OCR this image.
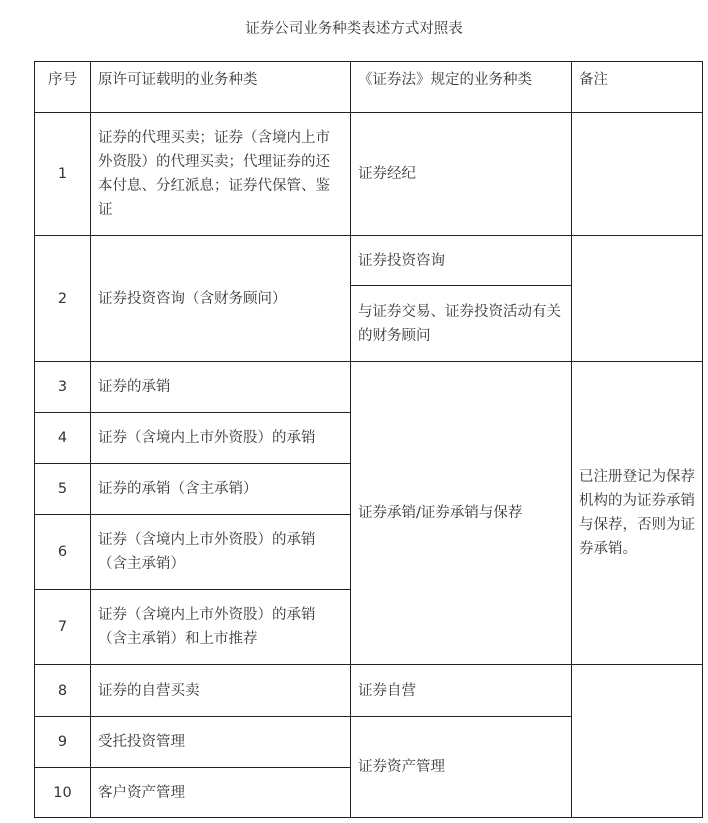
证券公司业务种类表述方式对照表
序号	原许可证载明的业务种类	《证券法》规定的业务种类	备注
1	证券的代理买卖；证券（含境内上市外资股）的代理买卖；代理证券的还本付息、分红派息；证券代保管、鉴证	证券经纪	
2	证券投资咨询（含财务顾问）	证券投资咨询	
		与证券交易、证券投资活动有关的财务顾问	
3	证券的承销	证券承销/证券承销与保荐	已注册登记为保荐机构的为证券承销与保荐，否则为证券承销。
4	证券（含境内上市外资股）的承销		
5	证券的承销（含主承销）		
6	证券（含境内上市外资股）的承销（含主承销）		
7	证券（含境内上市外资股）的承销（含主承销）和上市推荐		
8	证券的自营买卖	证券自营	
9	受托投资管理	证券资产管理	
10	客户资产管理		
